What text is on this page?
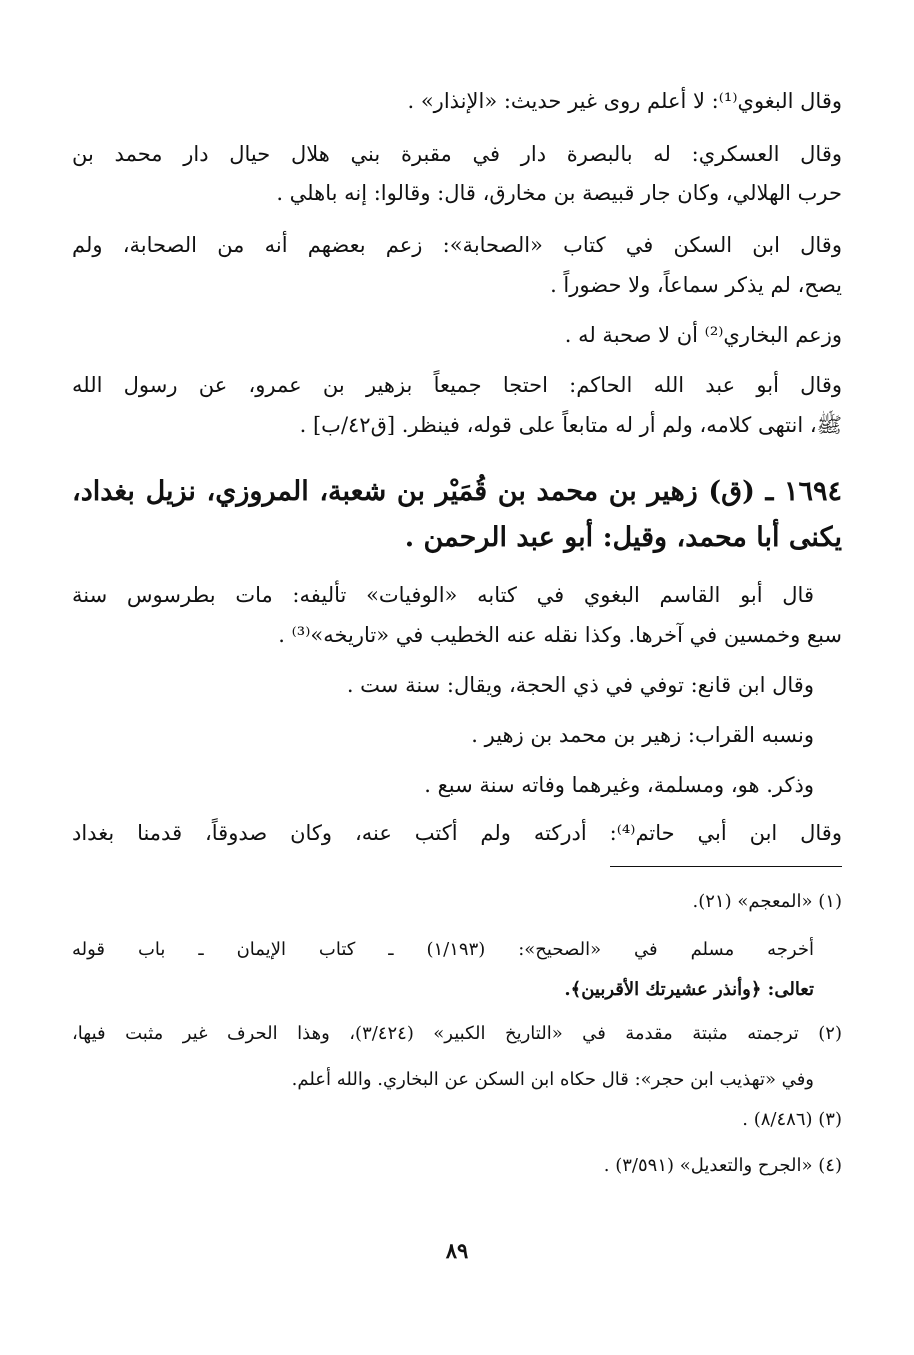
وقال البغوي⁽¹⁾: لا أعلم روى غير حديث: «الإنذار» .
وقال العسكري: له بالبصرة دار في مقبرة بني هلال حيال دار محمد بن
حرب الهلالي، وكان جار قبيصة بن مخارق، قال: وقالوا: إنه باهلي .
وقال ابن السكن في كتاب «الصحابة»: زعم بعضهم أنه من الصحابة، ولم
يصح، لم يذكر سماعاً، ولا حضوراً .
وزعم البخاري⁽²⁾ أن لا صحبة له .
وقال أبو عبد الله الحاكم: احتجا جميعاً بزهير بن عمرو، عن رسول الله
ﷺ، انتهى كلامه، ولم أر له متابعاً على قوله، فينظر. [ق٤٢/ب] .
١٦٩٤ ـ (ق) زهير بن محمد بن قُمَيْر بن شعبة، المروزي، نزيل بغداد،
يكنى أبا محمد، وقيل: أبو عبد الرحمن .
قال أبو القاسم البغوي في كتابه «الوفيات» تأليفه: مات بطرسوس سنة
سبع وخمسين في آخرها. وكذا نقله عنه الخطيب في «تاريخه»⁽³⁾ .
وقال ابن قانع: توفي في ذي الحجة، ويقال: سنة ست .
ونسبه القراب: زهير بن محمد بن زهير .
وذكر. هو، ومسلمة، وغيرهما وفاته سنة سبع .
وقال ابن أبي حاتم⁽⁴⁾: أدركته ولم أكتب عنه، وكان صدوقاً، قدمنا بغداد
(١) «المعجم» (٢١).
أخرجه مسلم في «الصحيح»: (١/١٩٣) ـ كتاب الإيمان ـ باب قوله
تعالى: ﴿وأنذر عشيرتك الأقربين﴾.
(٢) ترجمته مثبتة مقدمة في «التاريخ الكبير» (٣/٤٢٤)، وهذا الحرف غير مثبت فيها،
وفي «تهذيب ابن حجر»: قال حكاه ابن السكن عن البخاري. والله أعلم.
(٣) (٨/٤٨٦) .
(٤) «الجرح والتعديل» (٣/٥٩١) .
٨٩
